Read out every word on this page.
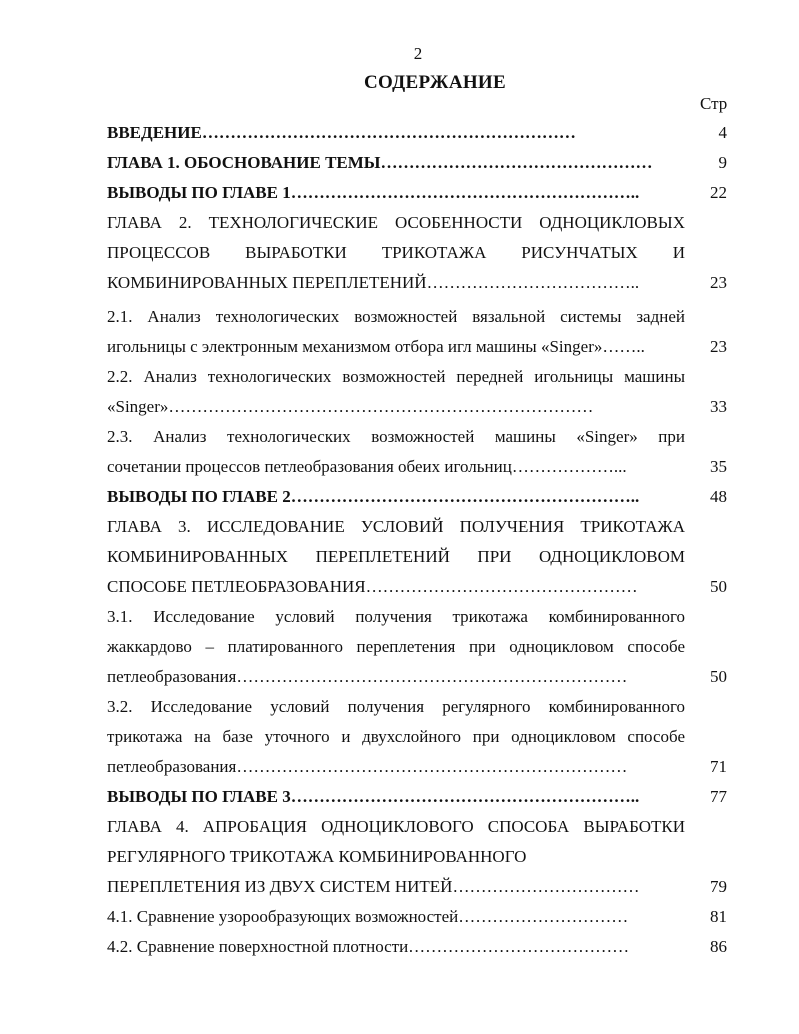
2
СОДЕРЖАНИЕ
Стр
ВВЕДЕНИЕ…………………………………………………………	4
ГЛАВА 1. ОБОСНОВАНИЕ ТЕМЫ…………………………………………	9
ВЫВОДЫ ПО ГЛАВЕ 1……………………………………………………..	22
ГЛАВА 2. ТЕХНОЛОГИЧЕСКИЕ ОСОБЕННОСТИ ОДНОЦИКЛОВЫХ
ПРОЦЕССОВ ВЫРАБОТКИ ТРИКОТАЖА РИСУНЧАТЫХ И
КОМБИНИРОВАННЫХ ПЕРЕПЛЕТЕНИЙ………………………………..	23
2.1. Анализ технологических возможностей вязальной системы задней
игольницы с электронным механизмом отбора игл машины «Singer»……..	23
2.2. Анализ технологических возможностей передней игольницы машины
«Singer»…………………………………………………………………	33
2.3. Анализ технологических возможностей машины «Singer» при
сочетании процессов петлеобразования обеих игольниц………………...	35
ВЫВОДЫ ПО ГЛАВЕ 2……………………………………………………..	48
ГЛАВА 3. ИССЛЕДОВАНИЕ УСЛОВИЙ ПОЛУЧЕНИЯ ТРИКОТАЖА
КОМБИНИРОВАННЫХ ПЕРЕПЛЕТЕНИЙ ПРИ ОДНОЦИКЛОВОМ
СПОСОБЕ ПЕТЛЕОБРАЗОВАНИЯ…………………………………………	50
3.1. Исследование условий получения трикотажа комбинированного
жаккардово – платированного переплетения при одноцикловом способе
петлеобразования……………………………………………………………	50
3.2. Исследование условий получения регулярного комбинированного
трикотажа на базе уточного и двухслойного при одноцикловом способе
петлеобразования……………………………………………………………	71
ВЫВОДЫ ПО ГЛАВЕ 3……………………………………………………..	77
ГЛАВА 4. АПРОБАЦИЯ ОДНОЦИКЛОВОГО СПОСОБА ВЫРАБОТКИ
РЕГУЛЯРНОГО ТРИКОТАЖА КОМБИНИРОВАННОГО
ПЕРЕПЛЕТЕНИЯ ИЗ ДВУХ СИСТЕМ НИТЕЙ……………………………	79
4.1. Сравнение узорообразующих возможностей…………………………	81
4.2. Сравнение поверхностной плотности…………………………………	86
